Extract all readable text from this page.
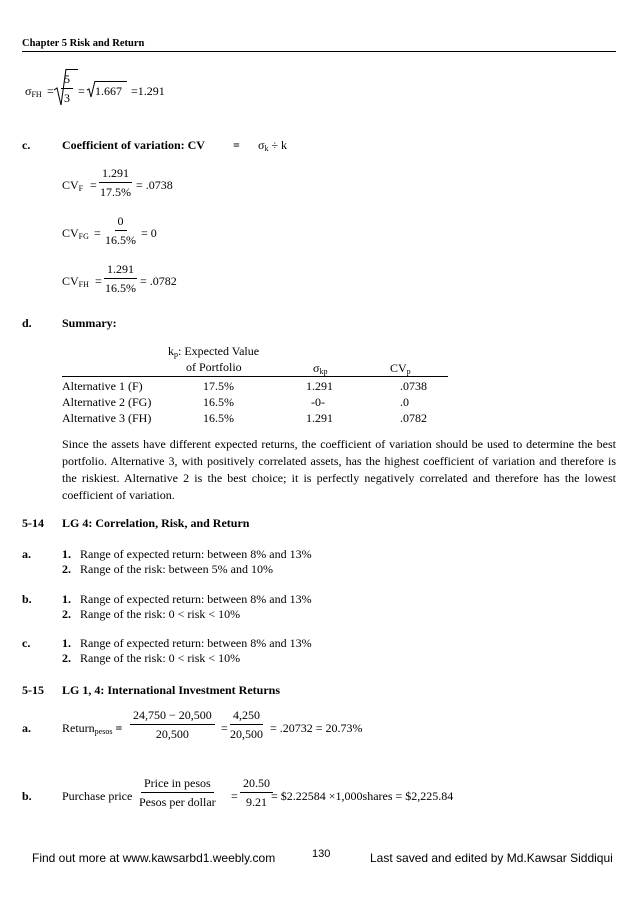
Chapter 5 Risk and Return
$\sigma_{FH} = \frac{5}{3} = 1.667 =1.291$
c.	Coefficient of variation: CV = $\sigma_k \div k$
$CV_F = \frac{1.291}{17.5\%} = .0738$
$CV_{FG} = \frac{0}{16.5\%} = 0$
$CV_{FH} = \frac{1.291}{16.5\%} = .0782$
d.	Summary:
$k_p$: Expected Value
of Portfolio	$\sigma_{kp}$	$CV_p$
Alternative 1 (F)	17.5%	1.291	.0738
Alternative 2 (FG)	16.5%	-0-	.0
Alternative 3 (FH)	16.5%	1.291	.0782
Since the assets have different expected returns, the coefficient of variation should be used to determine the best portfolio. Alternative 3, with positively correlated assets, has the highest coefficient of variation and therefore is the riskiest. Alternative 2 is the best choice; it is perfectly negatively correlated and therefore has the lowest coefficient of variation.
5-14 LG 4: Correlation, Risk, and Return
a.	1. Range of expected return: between 8% and 13%
2. Range of the risk: between 5% and 10%
b.	1. Range of expected return: between 8% and 13%
2. Range of the risk: 0 < risk < 10%
c.	1. Range of expected return: between 8% and 13%
2. Range of the risk: 0 < risk < 10%
5-15 LG 1, 4: International Investment Returns
a.	Return$_{pesos}$ = $\frac{24,750 - 20,500}{20,500} = \frac{4,250}{20,500} = .20732 = 20.73\%$
b.	Purchase price
Price in pesos
Pesos per dollar = $\frac{20.50}{9.21}$
= $2.22584 ×1,000shares = $2,225.84
Find out more at www.kawsarbd1.weebly.com	130	Last saved and edited by Md.Kawsar Siddiqui
